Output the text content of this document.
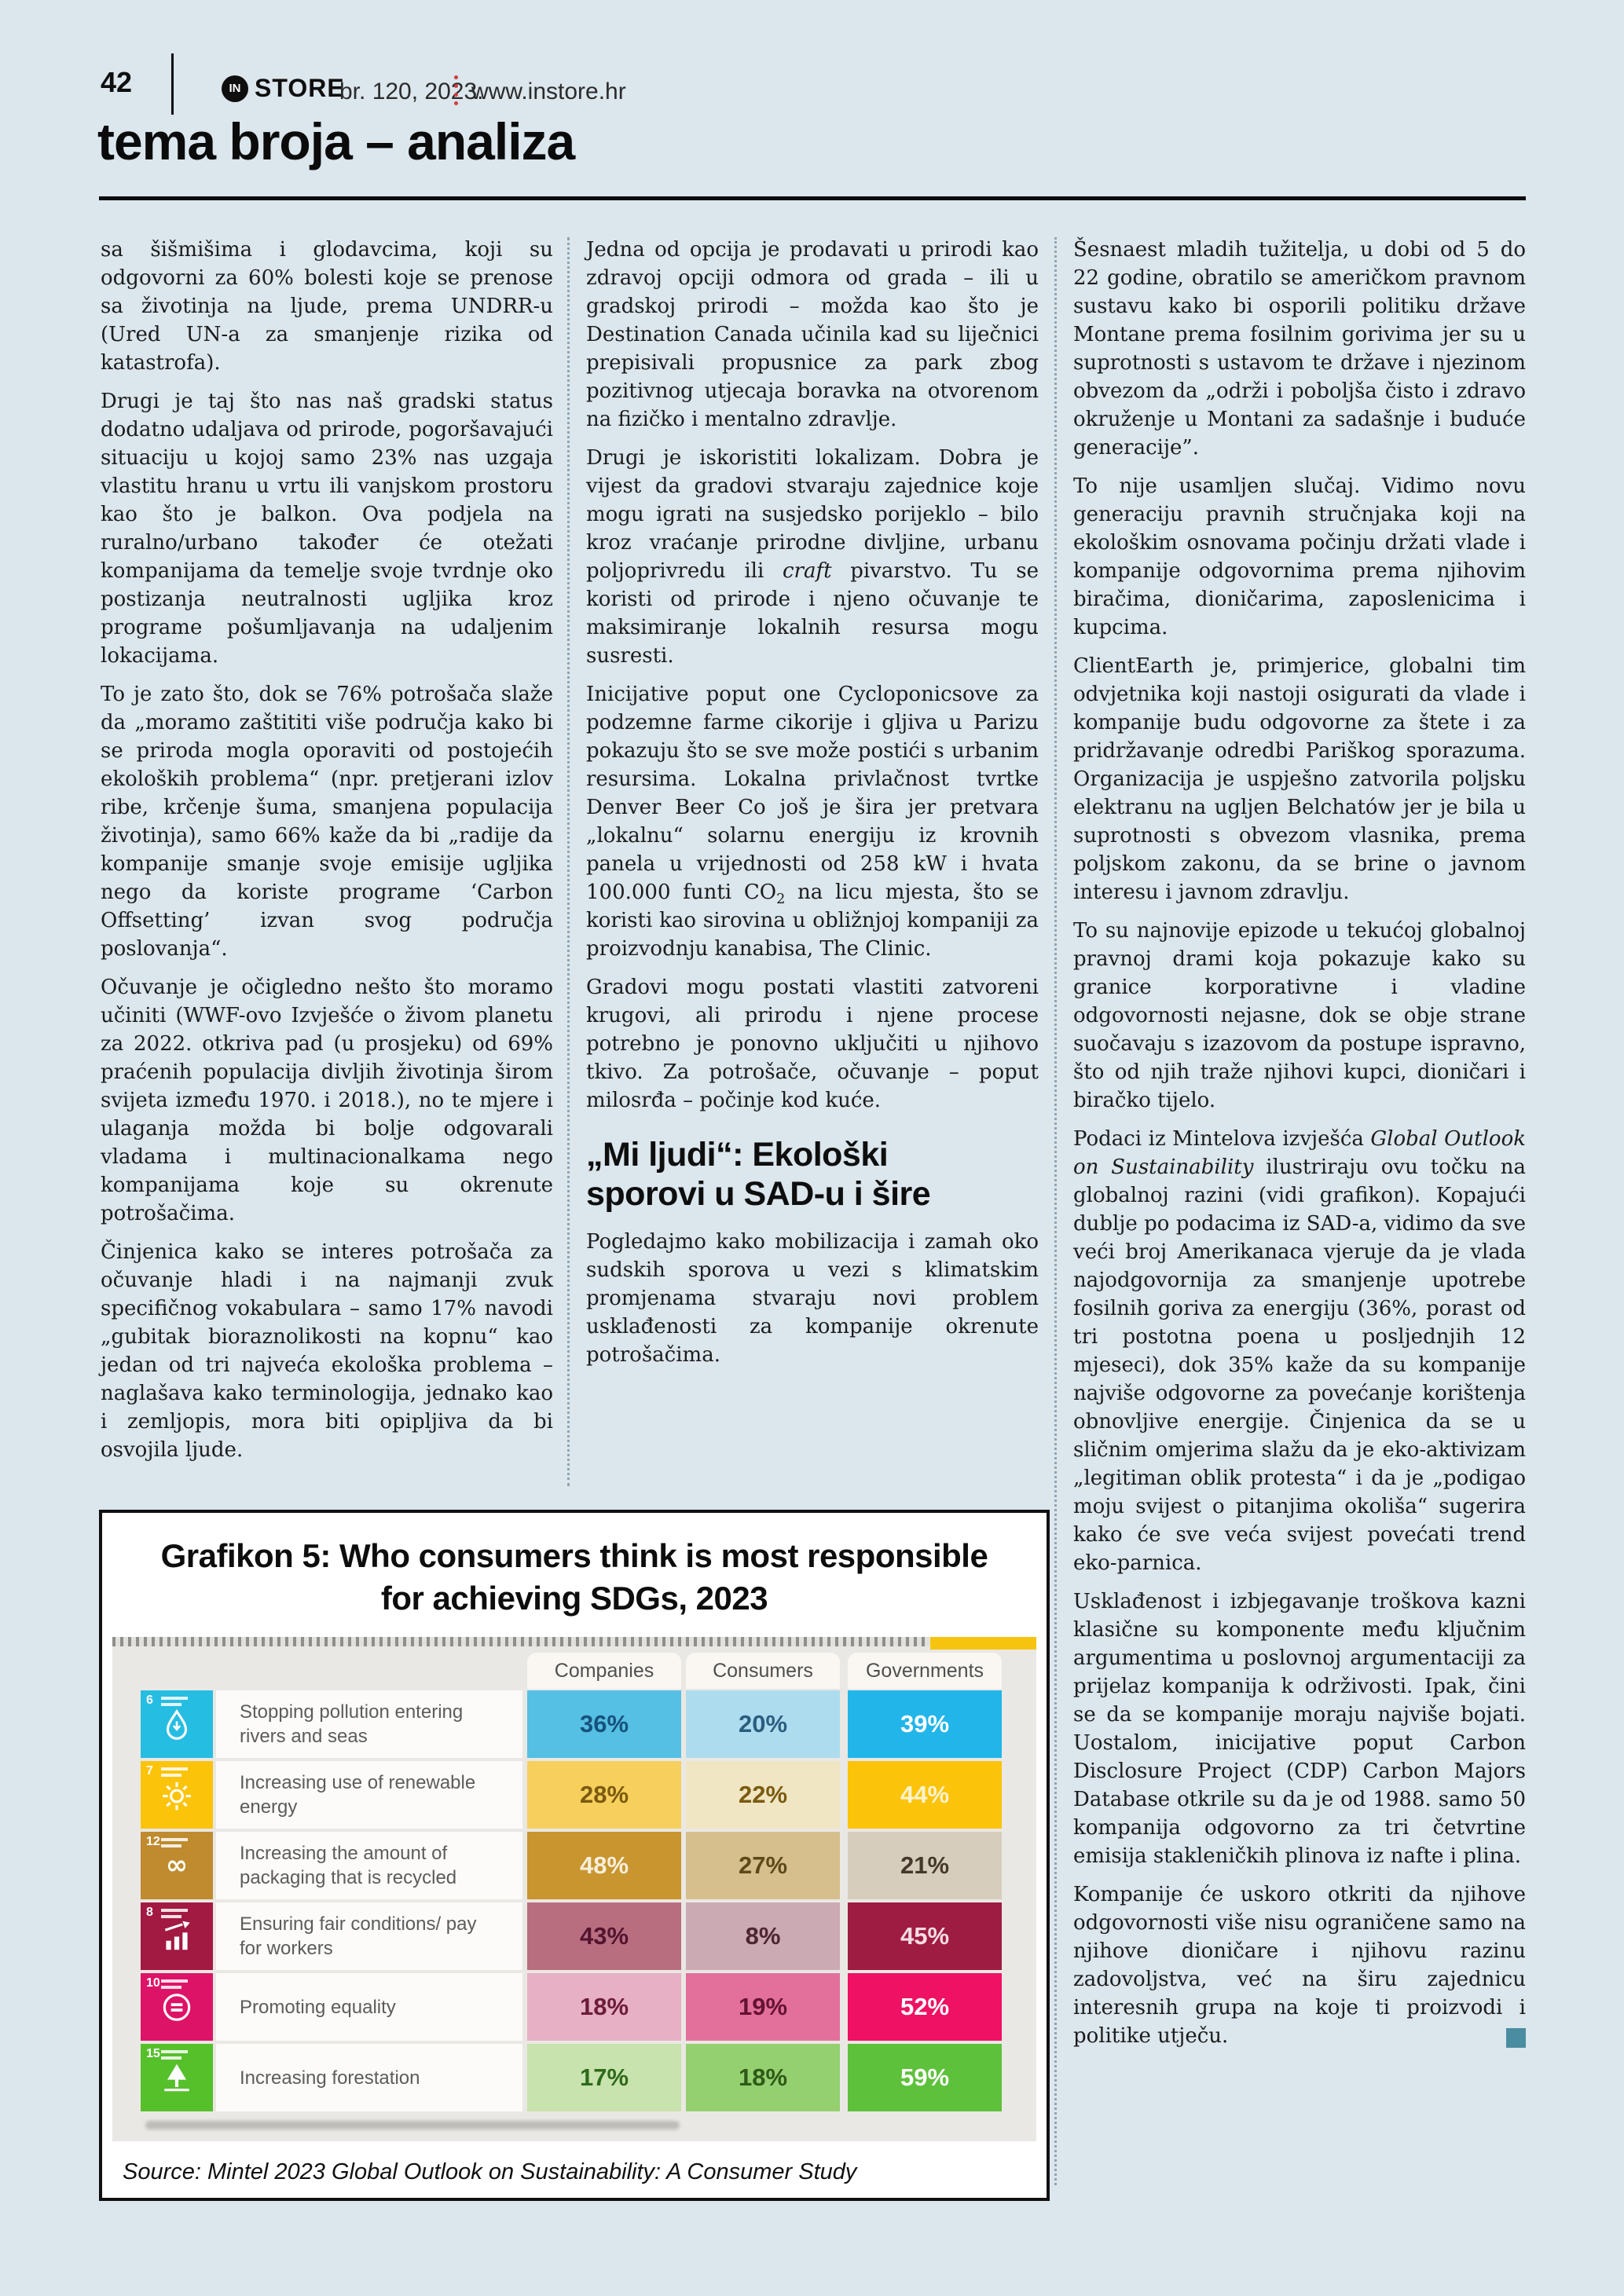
42	IN STORE
br. 120, 2023.
www.instore.hr
tema broja – analiza

sa šišmišima i glodavcima, koji su odgovorni za 60% bolesti koje se prenose sa životinja na ljude, prema UNDRR-u (Ured UN-a za smanjenje rizika od katastrofa).

Drugi je taj što nas naš gradski status dodatno udaljava od prirode, pogoršavajući situaciju u kojoj samo 23% nas uzgaja vlastitu hranu u vrtu ili vanjskom prostoru kao što je balkon. Ova podjela na ruralno/urbano također će otežati kompanijama da temelje svoje tvrdnje oko postizanja neutralnosti ugljika kroz programe pošumljavanja na udaljenim lokacijama.

To je zato što, dok se 76% potrošača slaže da „moramo zaštititi više područja kako bi se priroda mogla oporaviti od postojećih ekoloških problema“ (npr. pretjerani izlov ribe, krčenje šuma, smanjena populacija životinja), samo 66% kaže da bi „radije da kompanije smanje svoje emisije ugljika nego da koriste programe ‘Carbon Offsetting’ izvan svog područja poslovanja“.

Očuvanje je očigledno nešto što moramo učiniti (WWF-ovo Izvješće o živom planetu za 2022. otkriva pad (u prosjeku) od 69% praćenih populacija divljih životinja širom svijeta između 1970. i 2018.), no te mjere i ulaganja možda bi bolje odgovarali vladama i multinacionalkama nego kompanijama koje su okrenute potrošačima.

Činjenica kako se interes potrošača za očuvanje hladi i na najmanji zvuk specifičnog vokabulara – samo 17% navodi „gubitak bioraznolikosti na kopnu“ kao jedan od tri najveća ekološka problema – naglašava kako terminologija, jednako kao i zemljopis, mora biti opipljiva da bi osvojila ljude.

Jedna od opcija je prodavati u prirodi kao zdravoj opciji odmora od grada – ili u gradskoj prirodi – možda kao što je Destination Canada učinila kad su liječnici prepisivali propusnice za park zbog pozitivnog utjecaja boravka na otvorenom na fizičko i mentalno zdravlje.

Drugi je iskoristiti lokalizam. Dobra je vijest da gradovi stvaraju zajednice koje mogu igrati na susjedsko porijeklo – bilo kroz vraćanje prirodne divljine, urbanu poljoprivredu ili craft pivarstvo. Tu se koristi od prirode i njeno očuvanje te maksimiranje lokalnih resursa mogu susresti.

Inicijative poput one Cycloponicsove za podzemne farme cikorije i gljiva u Parizu pokazuju što se sve može postići s urbanim resursima. Lokalna privlačnost tvrtke Denver Beer Co još je šira jer pretvara „lokalnu“ solarnu energiju iz krovnih panela u vrijednosti od 258 kW i hvata 100.000 funti $CO_2$ na licu mjesta, što se koristi kao sirovina u obližnjoj kompaniji za proizvodnju kanabisa, The Clinic.

Gradovi mogu postati vlastiti zatvoreni krugovi, ali prirodu i njene procese potrebno je ponovno uključiti u njihovo tkivo. Za potrošače, očuvanje – poput milosrđa – počinje kod kuće.

„Mi ljudi“: Ekološki sporovi u SAD-u i šire

Pogledajmo kako mobilizacija i zamah oko sudskih sporova u vezi s klimatskim promjenama stvaraju novi problem usklađenosti za kompanije okrenute potrošačima.

Šesnaest mladih tužitelja, u dobi od 5 do 22 godine, obratilo se američkom pravnom sustavu kako bi osporili politiku države Montane prema fosilnim gorivima jer su u suprotnosti s ustavom te države i njezinom obvezom da „održi i poboljša čisto i zdravo okruženje u Montani za sadašnje i buduće generacije”.

To nije usamljen slučaj. Vidimo novu generaciju pravnih stručnjaka koji na ekološkim osnovama počinju držati vlade i kompanije odgovornima prema njihovim biračima, dioničarima, zaposlenicima i kupcima.

ClientEarth je, primjerice, globalni tim odvjetnika koji nastoji osigurati da vlade i kompanije budu odgovorne za štete i za pridržavanje odredbi Pariškog sporazuma. Organizacija je uspješno zatvorila poljsku elektranu na ugljen Belchatów jer je bila u suprotnosti s obvezom vlasnika, prema poljskom zakonu, da se brine o javnom interesu i javnom zdravlju.

To su najnovije epizode u tekućoj globalnoj pravnoj drami koja pokazuje kako su granice korporativne i vladine odgovornosti nejasne, dok se obje strane suočavaju s izazovom da postupe ispravno, što od njih traže njihovi kupci, dioničari i biračko tijelo.

Podaci iz Mintelova izvješća Global Outlook on Sustainability ilustriraju ovu točku na globalnoj razini (vidi grafikon). Kopajući dublje po podacima iz SAD-a, vidimo da sve veći broj Amerikanaca vjeruje da je vlada najodgovornija za smanjenje upotrebe fosilnih goriva za energiju (36%, porast od tri postotna poena u posljednjih 12 mjeseci), dok 35% kaže da su kompanije najviše odgovorne za povećanje korištenja obnovljive energije. Činjenica da se u sličnim omjerima slažu da je eko-aktivizam „legitiman oblik protesta“ i da je „podigao moju svijest o pitanjima okoliša“ sugerira kako će sve veća svijest povećati trend eko-parnica.

Usklađenost i izbjegavanje troškova kazni klasične su komponente među ključnim argumentima u poslovnoj argumentaciji za prijelaz kompanija k održivosti. Ipak, čini se da se kompanije moraju najviše bojati. Uostalom, inicijative poput Carbon Disclosure Project (CDP) Carbon Majors Database otkrile su da je od 1988. samo 50 kompanija odgovorno za tri četvrtine emisija stakleničkih plinova iz nafte i plina.

Kompanije će uskoro otkriti da njihove odgovornosti više nisu ograničene samo na njihove dioničare i njihovu razinu zadovoljstva, već na širu zajednicu interesnih grupa na koje ti proizvodi i politike utječu.

Grafikon 5: Who consumers think is most responsible
for achieving SDGs, 2023
Companies	Consumers	Governments
6
Stopping pollution entering rivers and seas	36%	20%	39%
7
Increasing use of renewable energy	28%	22%	44%
12
∞	Increasing the amount of packaging that is recycled	48%	27%	21%
8
Ensuring fair conditions/ pay for workers	43%	8%	45%
10
Promoting equality	18%	19%	52%
15
Increasing forestation	17%	18%	59%
Source: Mintel 2023 Global Outlook on Sustainability: A Consumer Study
